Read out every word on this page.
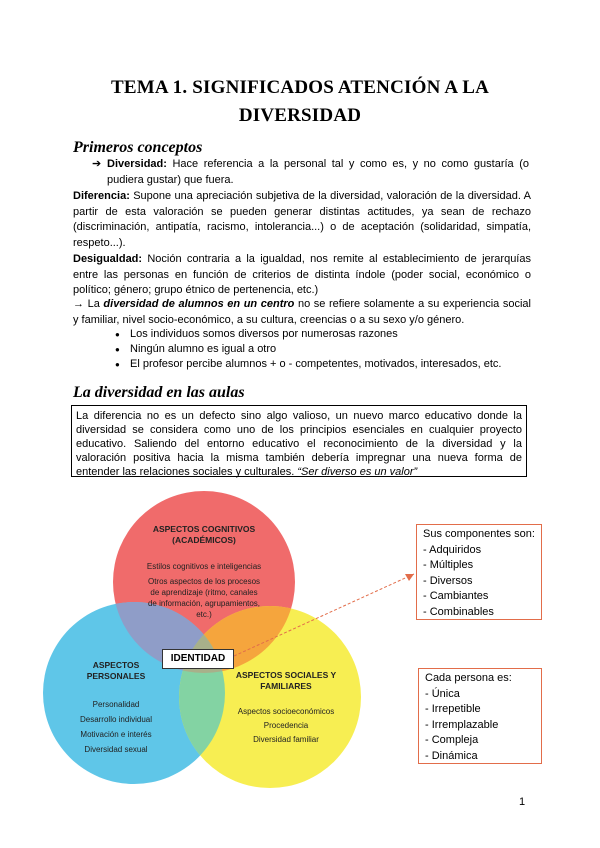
TEMA 1. SIGNIFICADOS ATENCIÓN A LA
DIVERSIDAD
Primeros conceptos
➔ Diversidad: Hace referencia a la personal tal y como es, y no como gustaría (o pudiera gustar) que fuera.
Diferencia: Supone una apreciación subjetiva de la diversidad, valoración de la diversidad. A partir de esta valoración se pueden generar distintas actitudes, ya sean de rechazo (discriminación, antipatía, racismo, intolerancia...) o de aceptación (solidaridad, simpatía, respeto...).
Desigualdad: Noción contraria a la igualdad, nos remite al establecimiento de jerarquías entre las personas en función de criterios de distinta índole (poder social, económico o político; género; grupo étnico de pertenencia, etc.)
→ La diversidad de alumnos en un centro no se refiere solamente a su experiencia social y familiar, nivel socio-económico, a su cultura, creencias o a su sexo y/o género.
● Los individuos somos diversos por numerosas razones
● Ningún alumno es igual a otro
● El profesor percibe alumnos + o - competentes, motivados, interesados, etc.
La diversidad en las aulas
La diferencia no es un defecto sino algo valioso, un nuevo marco educativo donde la diversidad se considera como uno de los principios esenciales en cualquier proyecto educativo. Saliendo del entorno educativo el reconocimiento de la diversidad y la valoración positiva hacia la misma también debería impregnar una nueva forma de entender las relaciones sociales y culturales. “Ser diverso es un valor”
ASPECTOS COGNITIVOS
(ACADÉMICOS)
Estilos cognitivos e inteligencias
Otros aspectos de los procesos
de aprendizaje (ritmo, canales
de información, agrupamientos,
etc.)
ASPECTOS
PERSONALES
Personalidad
Desarrollo individual
Motivación e interés
Diversidad sexual
ASPECTOS SOCIALES Y
FAMILIARES
Aspectos socioeconómicos
Procedencia
Diversidad familiar
IDENTIDAD
Sus componentes son:
- Adquiridos
- Múltiples
- Diversos
- Cambiantes
- Combinables
Cada persona es:
- Única
- Irrepetible
- Irremplazable
- Compleja
- Dinámica
1
